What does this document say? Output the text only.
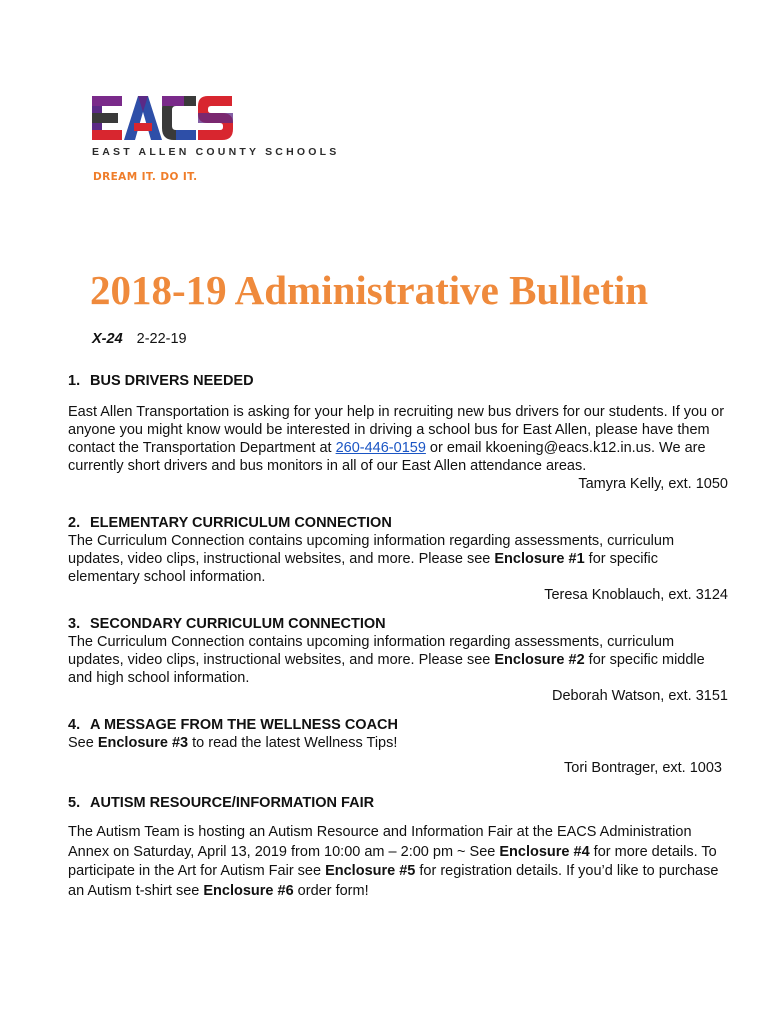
EAST ALLEN COUNTY SCHOOLS
DREAM IT. DO IT.
2018-19 Administrative Bulletin
X-24 2-22-19
1. BUS DRIVERS NEEDED

East Allen Transportation is asking for your help in recruiting new bus drivers for our students. If you or anyone you might know would be interested in driving a school bus for East Allen, please have them contact the Transportation Department at 260-446-0159 or email kkoening@eacs.k12.in.us. We are currently short drivers and bus monitors in all of our East Allen attendance areas.

Tamyra Kelly, ext. 1050

2. ELEMENTARY CURRICULUM CONNECTION

The Curriculum Connection contains upcoming information regarding assessments, curriculum updates, video clips, instructional websites, and more. Please see Enclosure #1 for specific elementary school information.

Teresa Knoblauch, ext. 3124

3. SECONDARY CURRICULUM CONNECTION

The Curriculum Connection contains upcoming information regarding assessments, curriculum updates, video clips, instructional websites, and more. Please see Enclosure #2 for specific middle and high school information.

Deborah Watson, ext. 3151

4. A MESSAGE FROM THE WELLNESS COACH

See Enclosure #3 to read the latest Wellness Tips!

Tori Bontrager, ext. 1003

5. AUTISM RESOURCE/INFORMATION FAIR

The Autism Team is hosting an Autism Resource and Information Fair at the EACS Administration Annex on Saturday, April 13, 2019 from 10:00 am – 2:00 pm ~ See Enclosure #4 for more details. To participate in the Art for Autism Fair see Enclosure #5 for registration details. If you’d like to purchase an Autism t-shirt see Enclosure #6 order form!
